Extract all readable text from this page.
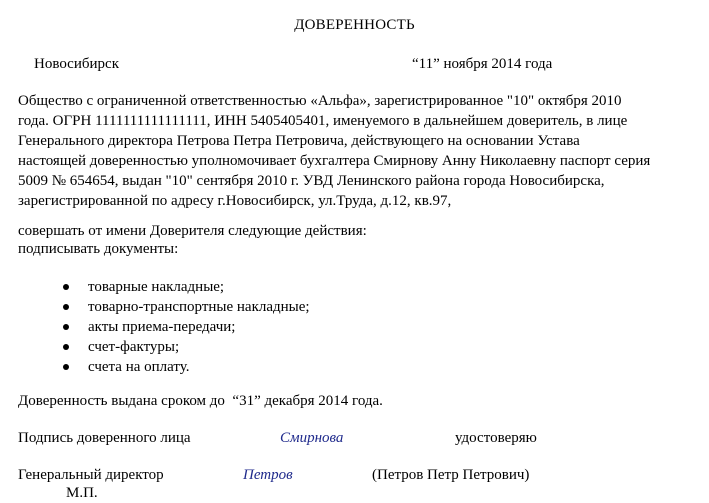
ДОВЕРЕННОСТЬ
Новосибирск	“11” ноября 2014 года
Общество с ограниченной ответственностью «Альфа», зарегистрированное "10" октября 2010
года. ОГРН 1111111111111111, ИНН 5405405401, именуемого в дальнейшем доверитель, в лице
Генерального директора Петрова Петра Петровича, действующего на основании Устава
настоящей доверенностью уполномочивает бухгалтера Смирнову Анну Николаевну паспорт серия
5009 № 654654, выдан "10" сентября 2010 г. УВД Ленинского района города Новосибирска,
зарегистрированной по адресу г.Новосибирск, ул.Труда, д.12, кв.97,
совершать от имени Доверителя следующие действия:
подписывать документы:
товарные накладные;
товарно-транспортные накладные;
акты приема-передачи;
счет-фактуры;
счета на оплату.
Доверенность выдана сроком до  “31” декабря 2014 года.
Подпись доверенного лица	Смирнова	удостоверяю
Генеральный директор	Петров	(Петров Петр Петрович)
М.П.
